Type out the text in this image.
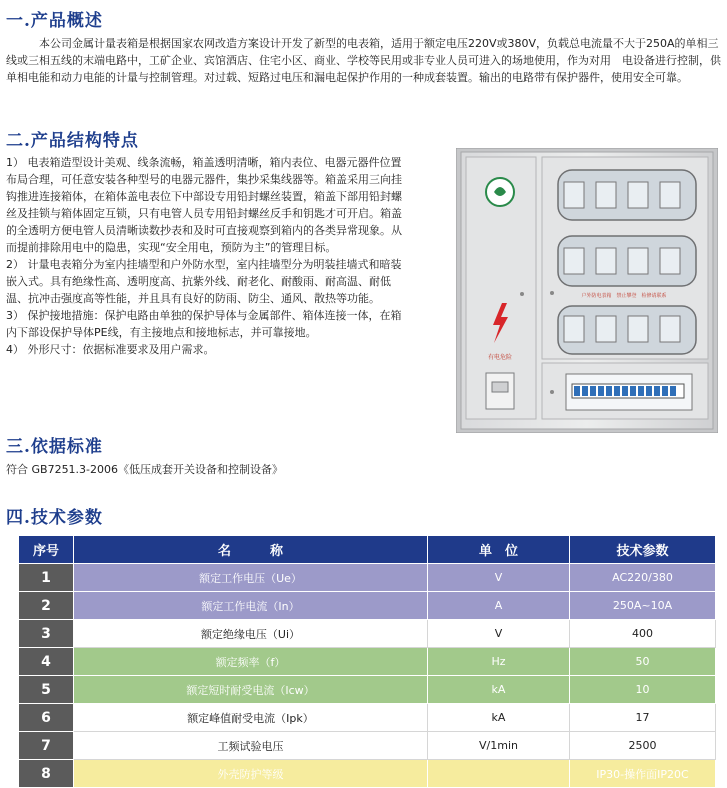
一.产品概述
本公司金属计量表箱是根据国家农网改造方案设计开发了新型的电表箱，适用于额定电压220V或380V，负载总电流量不大于250A的单相三线或三相五线的末端电路中，工矿企业、宾馆酒店、住宅小区、商业、学校等民用或非专业人员可进入的场地使用，作为对用　电设备进行控制，供单相电能和动力电能的计量与控制管理。对过载、短路过电压和漏电起保护作用的一种成套装置。输出的电路带有保护器件，使用安全可靠。
二.产品结构特点

1） 电表箱造型设计美观、线条流畅，箱盖透明清晰，箱内表位、电器元器件位置布局合理，可任意安装各种型号的电器元器件，集抄采集线器等。箱盖采用三向挂钩推进连接箱体，在箱体盖电表位下中部设专用铅封螺丝装置，箱盖下部用铅封螺丝及挂锁与箱体固定互锁，只有电管人员专用铅封螺丝反手和钥匙才可开启。箱盖的全透明方便电管人员清晰读数抄表和及时可直接观察到箱内的各类异常现象。从而提前排除用电中的隐患，实现“安全用电，预防为主”的管理目标。

2） 计量电表箱分为室内挂墙型和户外防水型，室内挂墙型分为明装挂墙式和暗装嵌入式。具有绝缘性高、透明度高、抗紫外线、耐老化、耐酸雨、耐高温、耐低温、抗冲击强度高等性能，并且具有良好的防雨、防尘、通风、散热等功能。

3） 保护接地措施：保护电路由单独的保护导体与金属部件、箱体连接一体，在箱内下部设保护导体PE线，有主接地点和接地标志，并可靠接地。

4） 外形尺寸：依据标准要求及用户需求。

有电危险
户外防电表箱　禁止攀登　检修请联系
三.依据标准
符合 GB7251.3-2006《低压成套开关设备和控制设备》
四.技术参数
序号	名　　　称	单　位	技术参数
1	额定工作电压（Ue）	V	AC220/380
2	额定工作电流（In）	A	250A~10A
3	额定绝缘电压（Ui）	V	400
4	额定频率（f）	Hz	50
5	额定短时耐受电流（Icw）	kA	10
6	额定峰值耐受电流（Ipk）	kA	17
7	工频试验电压	V/1min	2500
8	外壳防护等级		IP30-操作面IP20C
